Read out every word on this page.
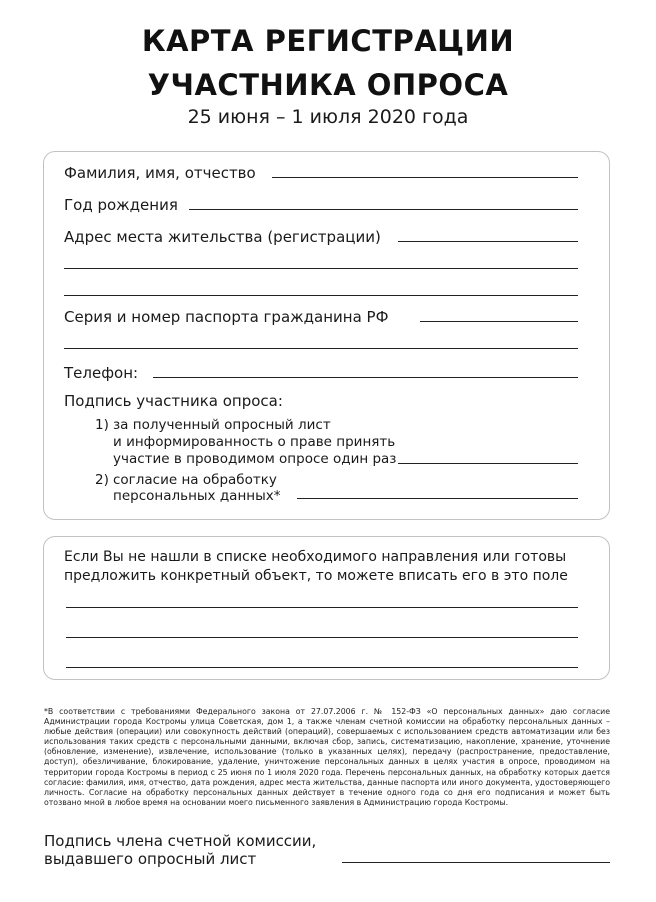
КАРТА РЕГИСТРАЦИИ
УЧАСТНИКА ОПРОСА
25 июня – 1 июля 2020 года
Фамилия, имя, отчество
Год рождения
Адрес места жительства (регистрации)
Серия и номер паспорта гражданина РФ
Телефон:
Подпись участника опроса:
1) за полученный опросный лист
и информированность о праве принять
участие в проводимом опросе один раз
2) согласие на обработку
персональных данных*
Если Вы не нашли в списке необходимого направления или готовы
предложить конкретный объект, то можете вписать его в это поле
*В соответствии с требованиями Федерального закона от 27.07.2006 г. № 152-ФЗ «О персональных данных» даю согласие Администрации города Костромы улица Советская, дом 1, а также членам счетной комиссии на обработку персональных данных – любые действия (операции) или совокупность действий (операций), совершаемых с использованием средств автоматизации или без использования таких средств с персональными данными, включая сбор, запись, систематизацию, накопление, хранение, уточнение (обновление, изменение), извлечение, использование (только в указанных целях), передачу (распространение, предоставление, доступ), обезличивание, блокирование, удаление, уничтожение персональных данных в целях участия в опросе, проводимом на территории города Костромы в период с 25 июня по 1 июля 2020 года. Перечень персональных данных, на обработку которых дается согласие: фамилия, имя, отчество, дата рождения, адрес места жительства, данные паспорта или иного документа, удостоверяющего личность. Согласие на обработку персональных данных действует в течение одного года со дня его подписания и может быть отозвано мной в любое время на основании моего письменного заявления в Администрацию города Костромы.
Подпись члена счетной комиссии,
выдавшего опросный лист
